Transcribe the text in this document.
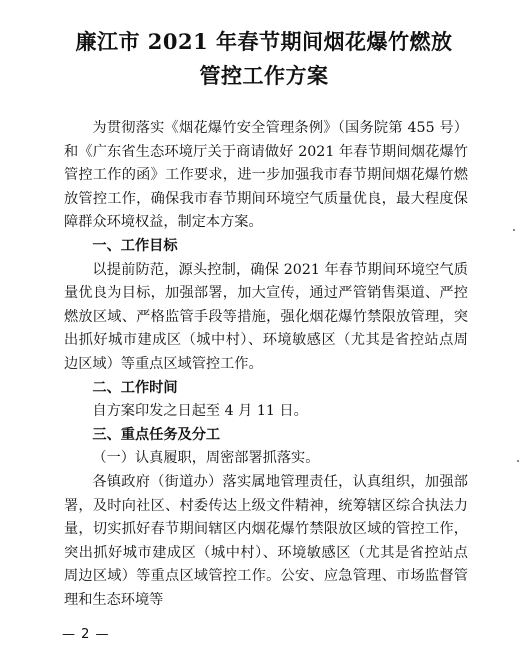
廉江市 2021 年春节期间烟花爆竹燃放
管控工作方案

为贯彻落实《烟花爆竹安全管理条例》（国务院第 455 号）和《广东省生态环境厅关于商请做好 2021 年春节期间烟花爆竹管控工作的函》工作要求，进一步加强我市春节期间烟花爆竹燃放管控工作，确保我市春节期间环境空气质量优良，最大程度保障群众环境权益，制定本方案。

一、工作目标

以提前防范，源头控制，确保 2021 年春节期间环境空气质量优良为目标，加强部署，加大宣传，通过严管销售渠道、严控燃放区域、严格监管手段等措施，强化烟花爆竹禁限放管理，突出抓好城市建成区（城中村）、环境敏感区（尤其是省控站点周边区域）等重点区域管控工作。

二、工作时间

自方案印发之日起至 4 月 11 日。

三、重点任务及分工

（一）认真履职，周密部署抓落实。

各镇政府（街道办）落实属地管理责任，认真组织，加强部署，及时向社区、村委传达上级文件精神，统筹辖区综合执法力量，切实抓好春节期间辖区内烟花爆竹禁限放区域的管控工作，突出抓好城市建成区（城中村）、环境敏感区（尤其是省控站点周边区域）等重点区域管控工作。公安、应急管理、市场监督管理和生态环境等

— 2 —
